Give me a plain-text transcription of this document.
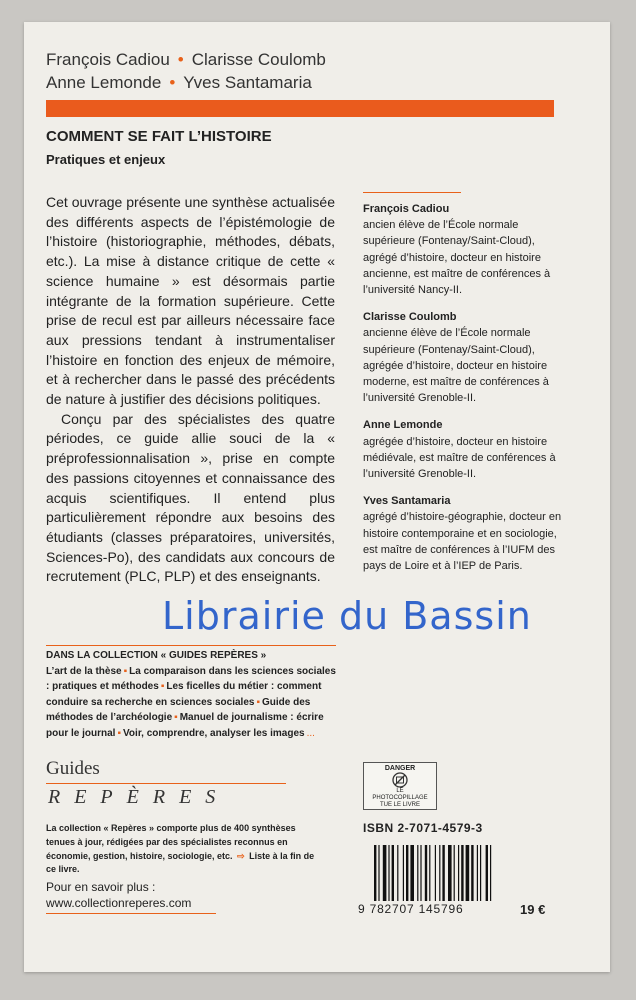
François Cadiou • Clarisse Coulomb
Anne Lemonde • Yves Santamaria
COMMENT SE FAIT L’HISTOIRE
Pratiques et enjeux

Cet ouvrage présente une synthèse actualisée des différents aspects de l’épistémologie de l’histoire (historiographie, méthodes, débats, etc.). La mise à distance critique de cette « science humaine » est désormais partie intégrante de la formation supérieure. Cette prise de recul est par ailleurs nécessaire face aux pressions tendant à instrumentaliser l’histoire en fonction des enjeux de mémoire, et à rechercher dans le passé des précédents de nature à justifier des décisions politiques.

Conçu par des spécialistes des quatre périodes, ce guide allie souci de la « préprofessionnalisation », prise en compte des passions citoyennes et connaissance des acquis scientifiques. Il entend plus particulièrement répondre aux besoins des étudiants (classes préparatoires, universités, Sciences-Po), des candidats aux concours de recrutement (PLC, PLP) et des enseignants.

François Cadiou
ancien élève de l’École normale supérieure (Fontenay/Saint-Cloud), agrégé d’histoire, docteur en histoire ancienne, est maître de conférences à l’université Nancy-II.
Clarisse Coulomb
ancienne élève de l’École normale supérieure (Fontenay/Saint-Cloud), agrégée d’histoire, docteur en histoire moderne, est maître de conférences à l’université Grenoble-II.
Anne Lemonde
agrégée d’histoire, docteur en histoire médiévale, est maître de conférences à l’université Grenoble-II.
Yves Santamaria
agrégé d’histoire-géographie, docteur en histoire contemporaine et en sociologie, est maître de conférences à l’IUFM des pays de Loire et à l’IEP de Paris.
Librairie du Bassin
DANS LA COLLECTION « GUIDES REPÈRES »
L’art de la thèse ▪ La comparaison dans les sciences sociales : pratiques et méthodes ▪ Les ficelles du métier : comment conduire sa recherche en sciences sociales ▪ Guide des méthodes de l’archéologie ▪ Manuel de journalisme : écrire pour le journal ▪ Voir, comprendre, analyser les images ...
Guides
REPÈRES
La collection « Repères » comporte plus de 400 synthèses tenues à jour, rédigées par des spécialistes reconnus en économie, gestion, histoire, sociologie, etc. ⇨ Liste à la fin de ce livre.
Pour en savoir plus :
www.collectionreperes.com
DANGER
LE
PHOTOCOPILLAGE
TUE LE LIVRE
ISBN 2-7071-4579-3
9 782707 145796	19 €
